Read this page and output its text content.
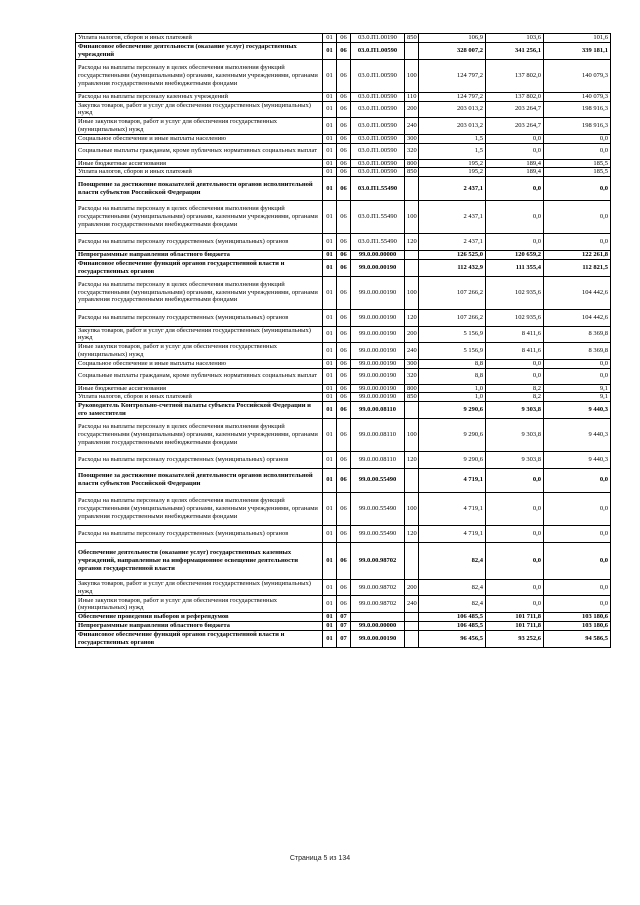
Уплата налогов, сборов и иных платежей	01	06	03.0.П1.00190	850	106,9	103,6	101,6
Финансовое обеспечение деятельности (оказание услуг) государственных учреждений	01	06	03.0.П1.00590		328 007,2	341 256,1	339 181,1
Расходы на выплаты персоналу в целях обеспечения выполнения функций государственными (муниципальными) органами, казенными учреждениями, органами управления государственными внебюджетными фондами	01	06	03.0.П1.00590	100	124 797,2	137 802,0	140 079,3
Расходы на выплаты персоналу казенных учреждений	01	06	03.0.П1.00590	110	124 797,2	137 802,0	140 079,3
Закупка товаров, работ и услуг для обеспечения государственных (муниципальных) нужд	01	06	03.0.П1.00590	200	203 013,2	203 264,7	198 916,3
Иные закупки товаров, работ и услуг для обеспечения государственных (муниципальных) нужд	01	06	03.0.П1.00590	240	203 013,2	203 264,7	198 916,3
Социальное обеспечение и иные выплаты населению	01	06	03.0.П1.00590	300	1,5	0,0	0,0
Социальные выплаты гражданам, кроме публичных нормативных социальных выплат	01	06	03.0.П1.00590	320	1,5	0,0	0,0
Иные бюджетные ассигнования	01	06	03.0.П1.00590	800	195,2	189,4	185,5
Уплата налогов, сборов и иных платежей	01	06	03.0.П1.00590	850	195,2	189,4	185,5
Поощрение за достижение показателей деятельности органов исполнительной власти субъектов Российской Федерации	01	06	03.0.П1.55490		2 437,1	0,0	0,0
Расходы на выплаты персоналу в целях обеспечения выполнения функций государственными (муниципальными) органами, казенными учреждениями, органами управления государственными внебюджетными фондами	01	06	03.0.П1.55490	100	2 437,1	0,0	0,0
Расходы на выплаты персоналу государственных (муниципальных) органов	01	06	03.0.П1.55490	120	2 437,1	0,0	0,0
Непрограммные направления областного бюджета	01	06	99.0.00.00000		126 525,0	120 659,2	122 261,8
Финансовое обеспечение функций органов государственной власти и государственных органов	01	06	99.0.00.00190		112 432,9	111 355,4	112 821,5
Расходы на выплаты персоналу в целях обеспечения выполнения функций государственными (муниципальными) органами, казенными учреждениями, органами управления государственными внебюджетными фондами	01	06	99.0.00.00190	100	107 266,2	102 935,6	104 442,6
Расходы на выплаты персоналу государственных (муниципальных) органов	01	06	99.0.00.00190	120	107 266,2	102 935,6	104 442,6
Закупка товаров, работ и услуг для обеспечения государственных (муниципальных) нужд	01	06	99.0.00.00190	200	5 156,9	8 411,6	8 369,8
Иные закупки товаров, работ и услуг для обеспечения государственных (муниципальных) нужд	01	06	99.0.00.00190	240	5 156,9	8 411,6	8 369,8
Социальное обеспечение и иные выплаты населению	01	06	99.0.00.00190	300	8,8	0,0	0,0
Социальные выплаты гражданам, кроме публичных нормативных социальных выплат	01	06	99.0.00.00190	320	8,8	0,0	0,0
Иные бюджетные ассигнования	01	06	99.0.00.00190	800	1,0	8,2	9,1
Уплата налогов, сборов и иных платежей	01	06	99.0.00.00190	850	1,0	8,2	9,1
Руководитель Контрольно-счетной палаты субъекта Российской Федерации и его заместители	01	06	99.0.00.08110		9 290,6	9 303,8	9 440,3
Расходы на выплаты персоналу в целях обеспечения выполнения функций государственными (муниципальными) органами, казенными учреждениями, органами управления государственными внебюджетными фондами	01	06	99.0.00.08110	100	9 290,6	9 303,8	9 440,3
Расходы на выплаты персоналу государственных (муниципальных) органов	01	06	99.0.00.08110	120	9 290,6	9 303,8	9 440,3
Поощрение за достижение показателей деятельности органов исполнительной власти субъектов Российской Федерации	01	06	99.0.00.55490		4 719,1	0,0	0,0
Расходы на выплаты персоналу в целях обеспечения выполнения функций государственными (муниципальными) органами, казенными учреждениями, органами управления государственными внебюджетными фондами	01	06	99.0.00.55490	100	4 719,1	0,0	0,0
Расходы на выплаты персоналу государственных (муниципальных) органов	01	06	99.0.00.55490	120	4 719,1	0,0	0,0
Обеспечение деятельности (оказание услуг) государственных казенных учреждений, направленные на информационное освещение деятельности органов государственной власти	01	06	99.0.00.98702		82,4	0,0	0,0
Закупка товаров, работ и услуг для обеспечения государственных (муниципальных) нужд	01	06	99.0.00.98702	200	82,4	0,0	0,0
Иные закупки товаров, работ и услуг для обеспечения государственных (муниципальных) нужд	01	06	99.0.00.98702	240	82,4	0,0	0,0
Обеспечение проведения выборов и референдумов	01	07			106 485,5	101 711,8	103 180,6
Непрограммные направления областного бюджета	01	07	99.0.00.00000		106 485,5	101 711,8	103 180,6
Финансовое обеспечение функций органов государственной власти и государственных органов	01	07	99.0.00.00190		96 456,5	93 252,6	94 586,5
Страница 5 из 134
